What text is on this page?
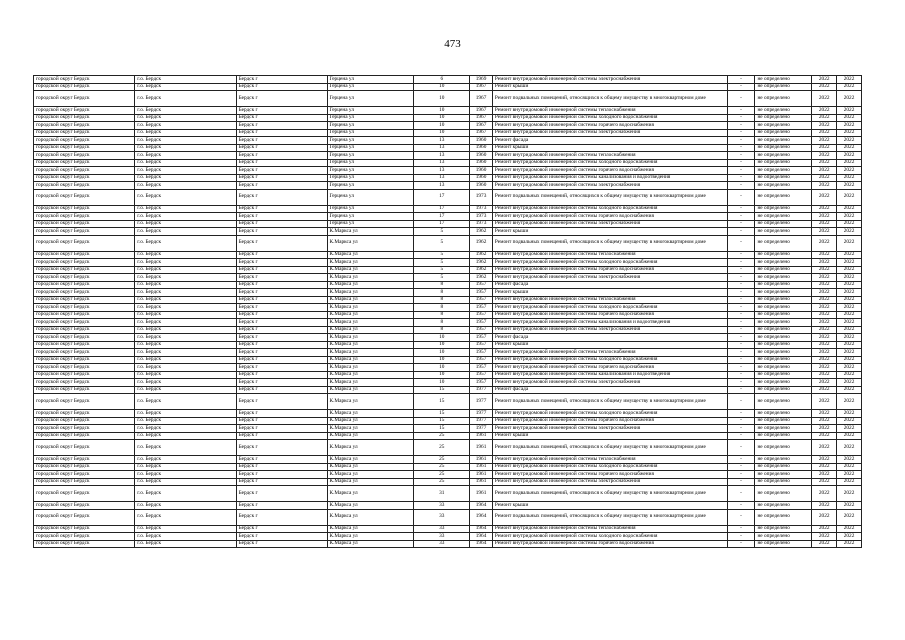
473
городской округ Бердск	г.о. Бердск	Бердск г	Герцена ул	6	1969	Ремонт внутридомовой инженерной системы электроснабжения	-	не определено	2022	2022
городской округ Бердск	г.о. Бердск	Бердск г	Герцена ул	10	1967	Ремонт крыши	-	не определено	2022	2022
городской округ Бердск	г.о. Бердск	Бердск г	Герцена ул	10	1967	Ремонт подвальных помещений, относящихся к общему имуществу в многоквартирном доме	-	не определено	2022	2022
городской округ Бердск	г.о. Бердск	Бердск г	Герцена ул	10	1967	Ремонт внутридомовой инженерной системы теплоснабжения	-	не определено	2022	2022
городской округ Бердск	г.о. Бердск	Бердск г	Герцена ул	10	1967	Ремонт внутридомовой инженерной системы холодного водоснабжения	-	не определено	2022	2022
городской округ Бердск	г.о. Бердск	Бердск г	Герцена ул	10	1967	Ремонт внутридомовой инженерной системы горячего водоснабжения	-	не определено	2022	2022
городской округ Бердск	г.о. Бердск	Бердск г	Герцена ул	10	1967	Ремонт внутридомовой инженерной системы электроснабжения	-	не определено	2022	2022
городской округ Бердск	г.о. Бердск	Бердск г	Герцена ул	13	1960	Ремонт фасада	-	не определено	2022	2022
городской округ Бердск	г.о. Бердск	Бердск г	Герцена ул	13	1960	Ремонт крыши	-	не определено	2022	2022
городской округ Бердск	г.о. Бердск	Бердск г	Герцена ул	13	1960	Ремонт внутридомовой инженерной системы теплоснабжения	-	не определено	2022	2022
городской округ Бердск	г.о. Бердск	Бердск г	Герцена ул	13	1960	Ремонт внутридомовой инженерной системы холодного водоснабжения	-	не определено	2022	2022
городской округ Бердск	г.о. Бердск	Бердск г	Герцена ул	13	1960	Ремонт внутридомовой инженерной системы горячего водоснабжения	-	не определено	2022	2022
городской округ Бердск	г.о. Бердск	Бердск г	Герцена ул	13	1960	Ремонт внутридомовой инженерной системы канализования и водоотведения	-	не определено	2022	2022
городской округ Бердск	г.о. Бердск	Бердск г	Герцена ул	13	1960	Ремонт внутридомовой инженерной системы электроснабжения	-	не определено	2022	2022
городской округ Бердск	г.о. Бердск	Бердск г	Герцена ул	17	1973	Ремонт подвальных помещений, относящихся к общему имуществу в многоквартирном доме	-	не определено	2022	2022
городской округ Бердск	г.о. Бердск	Бердск г	Герцена ул	17	1973	Ремонт внутридомовой инженерной системы холодного водоснабжения	-	не определено	2022	2022
городской округ Бердск	г.о. Бердск	Бердск г	Герцена ул	17	1973	Ремонт внутридомовой инженерной системы горячего водоснабжения	-	не определено	2022	2022
городской округ Бердск	г.о. Бердск	Бердск г	Герцена ул	17	1973	Ремонт внутридомовой инженерной системы электроснабжения	-	не определено	2022	2022
городской округ Бердск	г.о. Бердск	Бердск г	К.Маркса ул	5	1962	Ремонт крыши	-	не определено	2022	2022
городской округ Бердск	г.о. Бердск	Бердск г	К.Маркса ул	5	1962	Ремонт подвальных помещений, относящихся к общему имуществу в многоквартирном доме	-	не определено	2022	2022
городской округ Бердск	г.о. Бердск	Бердск г	К.Маркса ул	5	1962	Ремонт внутридомовой инженерной системы теплоснабжения	-	не определено	2022	2022
городской округ Бердск	г.о. Бердск	Бердск г	К.Маркса ул	5	1962	Ремонт внутридомовой инженерной системы холодного водоснабжения	-	не определено	2022	2022
городской округ Бердск	г.о. Бердск	Бердск г	К.Маркса ул	5	1962	Ремонт внутридомовой инженерной системы горячего водоснабжения	-	не определено	2022	2022
городской округ Бердск	г.о. Бердск	Бердск г	К.Маркса ул	5	1962	Ремонт внутридомовой инженерной системы электроснабжения	-	не определено	2022	2022
городской округ Бердск	г.о. Бердск	Бердск г	К.Маркса ул	8	1957	Ремонт фасада	-	не определено	2022	2022
городской округ Бердск	г.о. Бердск	Бердск г	К.Маркса ул	8	1957	Ремонт крыши	-	не определено	2022	2022
городской округ Бердск	г.о. Бердск	Бердск г	К.Маркса ул	8	1957	Ремонт внутридомовой инженерной системы теплоснабжения	-	не определено	2022	2022
городской округ Бердск	г.о. Бердск	Бердск г	К.Маркса ул	8	1957	Ремонт внутридомовой инженерной системы холодного водоснабжения	-	не определено	2022	2022
городской округ Бердск	г.о. Бердск	Бердск г	К.Маркса ул	8	1957	Ремонт внутридомовой инженерной системы горячего водоснабжения	-	не определено	2022	2022
городской округ Бердск	г.о. Бердск	Бердск г	К.Маркса ул	8	1957	Ремонт внутридомовой инженерной системы канализования и водоотведения	-	не определено	2022	2022
городской округ Бердск	г.о. Бердск	Бердск г	К.Маркса ул	8	1957	Ремонт внутридомовой инженерной системы электроснабжения	-	не определено	2022	2022
городской округ Бердск	г.о. Бердск	Бердск г	К.Маркса ул	10	1957	Ремонт фасада	-	не определено	2022	2022
городской округ Бердск	г.о. Бердск	Бердск г	К.Маркса ул	10	1957	Ремонт крыши	-	не определено	2022	2022
городской округ Бердск	г.о. Бердск	Бердск г	К.Маркса ул	10	1957	Ремонт внутридомовой инженерной системы теплоснабжения	-	не определено	2022	2022
городской округ Бердск	г.о. Бердск	Бердск г	К.Маркса ул	10	1957	Ремонт внутридомовой инженерной системы холодного водоснабжения	-	не определено	2022	2022
городской округ Бердск	г.о. Бердск	Бердск г	К.Маркса ул	10	1957	Ремонт внутридомовой инженерной системы горячего водоснабжения	-	не определено	2022	2022
городской округ Бердск	г.о. Бердск	Бердск г	К.Маркса ул	10	1957	Ремонт внутридомовой инженерной системы канализования и водоотведения	-	не определено	2022	2022
городской округ Бердск	г.о. Бердск	Бердск г	К.Маркса ул	10	1957	Ремонт внутридомовой инженерной системы электроснабжения	-	не определено	2022	2022
городской округ Бердск	г.о. Бердск	Бердск г	К.Маркса ул	15	1977	Ремонт фасада	-	не определено	2022	2022
городской округ Бердск	г.о. Бердск	Бердск г	К.Маркса ул	15	1977	Ремонт подвальных помещений, относящихся к общему имуществу в многоквартирном доме	-	не определено	2022	2022
городской округ Бердск	г.о. Бердск	Бердск г	К.Маркса ул	15	1977	Ремонт внутридомовой инженерной системы холодного водоснабжения	-	не определено	2022	2022
городской округ Бердск	г.о. Бердск	Бердск г	К.Маркса ул	15	1977	Ремонт внутридомовой инженерной системы горячего водоснабжения	-	не определено	2022	2022
городской округ Бердск	г.о. Бердск	Бердск г	К.Маркса ул	15	1977	Ремонт внутридомовой инженерной системы электроснабжения	-	не определено	2022	2022
городской округ Бердск	г.о. Бердск	Бердск г	К.Маркса ул	25	1961	Ремонт крыши	-	не определено	2022	2022
городской округ Бердск	г.о. Бердск	Бердск г	К.Маркса ул	25	1961	Ремонт подвальных помещений, относящихся к общему имуществу в многоквартирном доме	-	не определено	2022	2022
городской округ Бердск	г.о. Бердск	Бердск г	К.Маркса ул	25	1961	Ремонт внутридомовой инженерной системы теплоснабжения	-	не определено	2022	2022
городской округ Бердск	г.о. Бердск	Бердск г	К.Маркса ул	25	1961	Ремонт внутридомовой инженерной системы холодного водоснабжения	-	не определено	2022	2022
городской округ Бердск	г.о. Бердск	Бердск г	К.Маркса ул	25	1961	Ремонт внутридомовой инженерной системы горячего водоснабжения	-	не определено	2022	2022
городской округ Бердск	г.о. Бердск	Бердск г	К.Маркса ул	25	1961	Ремонт внутридомовой инженерной системы электроснабжения	-	не определено	2022	2022
городской округ Бердск	г.о. Бердск	Бердск г	К.Маркса ул	31	1961	Ремонт подвальных помещений, относящихся к общему имуществу в многоквартирном доме	-	не определено	2022	2022
городской округ Бердск	г.о. Бердск	Бердск г	К.Маркса ул	33	1964	Ремонт крыши	-	не определено	2022	2022
городской округ Бердск	г.о. Бердск	Бердск г	К.Маркса ул	33	1964	Ремонт подвальных помещений, относящихся к общему имуществу в многоквартирном доме	-	не определено	2022	2022
городской округ Бердск	г.о. Бердск	Бердск г	К.Маркса ул	33	1964	Ремонт внутридомовой инженерной системы теплоснабжения	-	не определено	2022	2022
городской округ Бердск	г.о. Бердск	Бердск г	К.Маркса ул	33	1964	Ремонт внутридомовой инженерной системы холодного водоснабжения	-	не определено	2022	2022
городской округ Бердск	г.о. Бердск	Бердск г	К.Маркса ул	33	1964	Ремонт внутридомовой инженерной системы горячего водоснабжения	-	не определено	2022	2022
